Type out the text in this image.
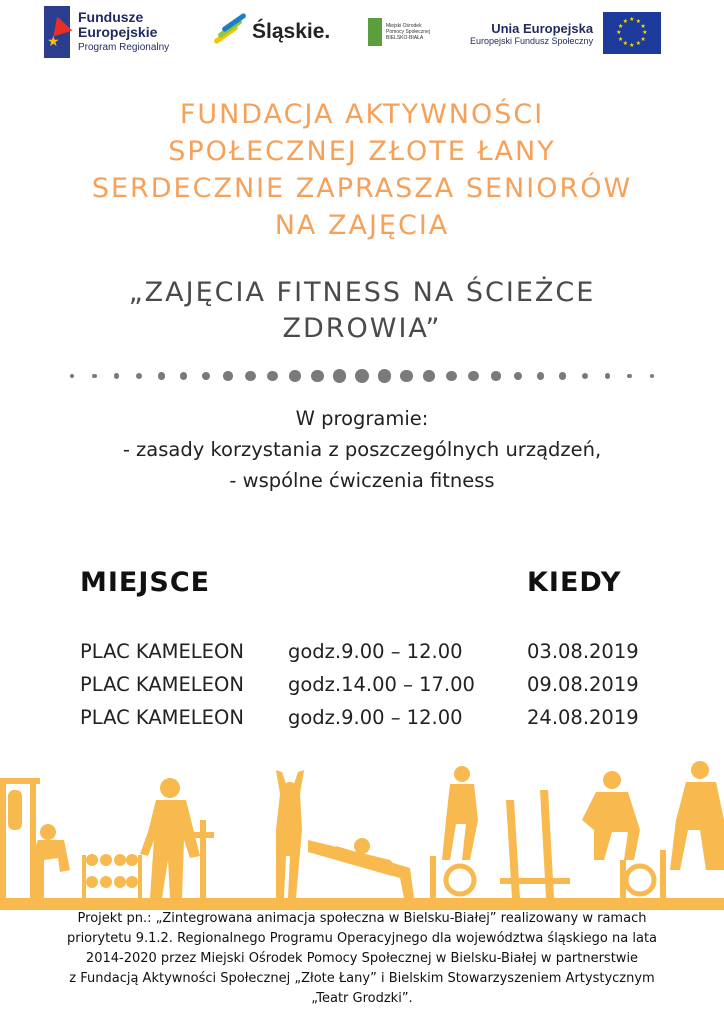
★
Fundusze
Europejskie
Program Regionalny
Śląskie.	Miejski Ośrodek
Pomocy Społecznej
BIELSKO-BIAŁA
Unia Europejska
Europejski Fundusz Społeczny
★
★
★
★
★
★
★
★
★ ★ ★
★
FUNDACJA AKTYWNOŚCI
SPOŁECZNEJ ZŁOTE ŁANY
SERDECZNIE ZAPRASZA SENIORÓW
NA ZAJĘCIA
„ZAJĘCIA FITNESS NA ŚCIEŻCE
ZDROWIA”
W programie:
- zasady korzystania z poszczególnych urządzeń,
- wspólne ćwiczenia fitness
MIEJSCE	KIEDY
PLAC KAMELEON godz.9.00 – 12.00	03.08.2019
PLAC KAMELEON godz.14.00 – 17.00	09.08.2019
PLAC KAMELEON godz.9.00 – 12.00	24.08.2019
Projekt pn.: „Zintegrowana animacja społeczna w Bielsku-Białej” realizowany w ramach
priorytetu 9.1.2. Regionalnego Programu Operacyjnego dla województwa śląskiego na lata
2014-2020 przez Miejski Ośrodek Pomocy Społecznej w Bielsku-Białej w partnerstwie
z Fundacją Aktywności Społecznej „Złote Łany” i Bielskim Stowarzyszeniem Artystycznym
„Teatr Grodzki”.
